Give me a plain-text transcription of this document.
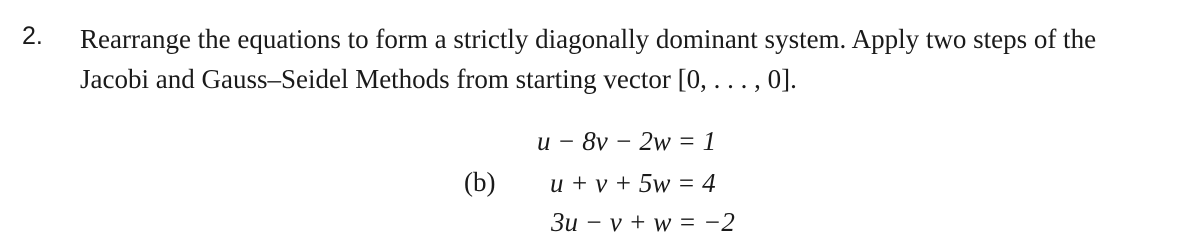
2. Rearrange the equations to form a strictly diagonally dominant system. Apply two steps of the
Jacobi and Gauss–Seidel Methods from starting vector [0, . . . , 0].
(b)
u − 8v − 2w = 1
u + v + 5w = 4
3u − v + w = −2
